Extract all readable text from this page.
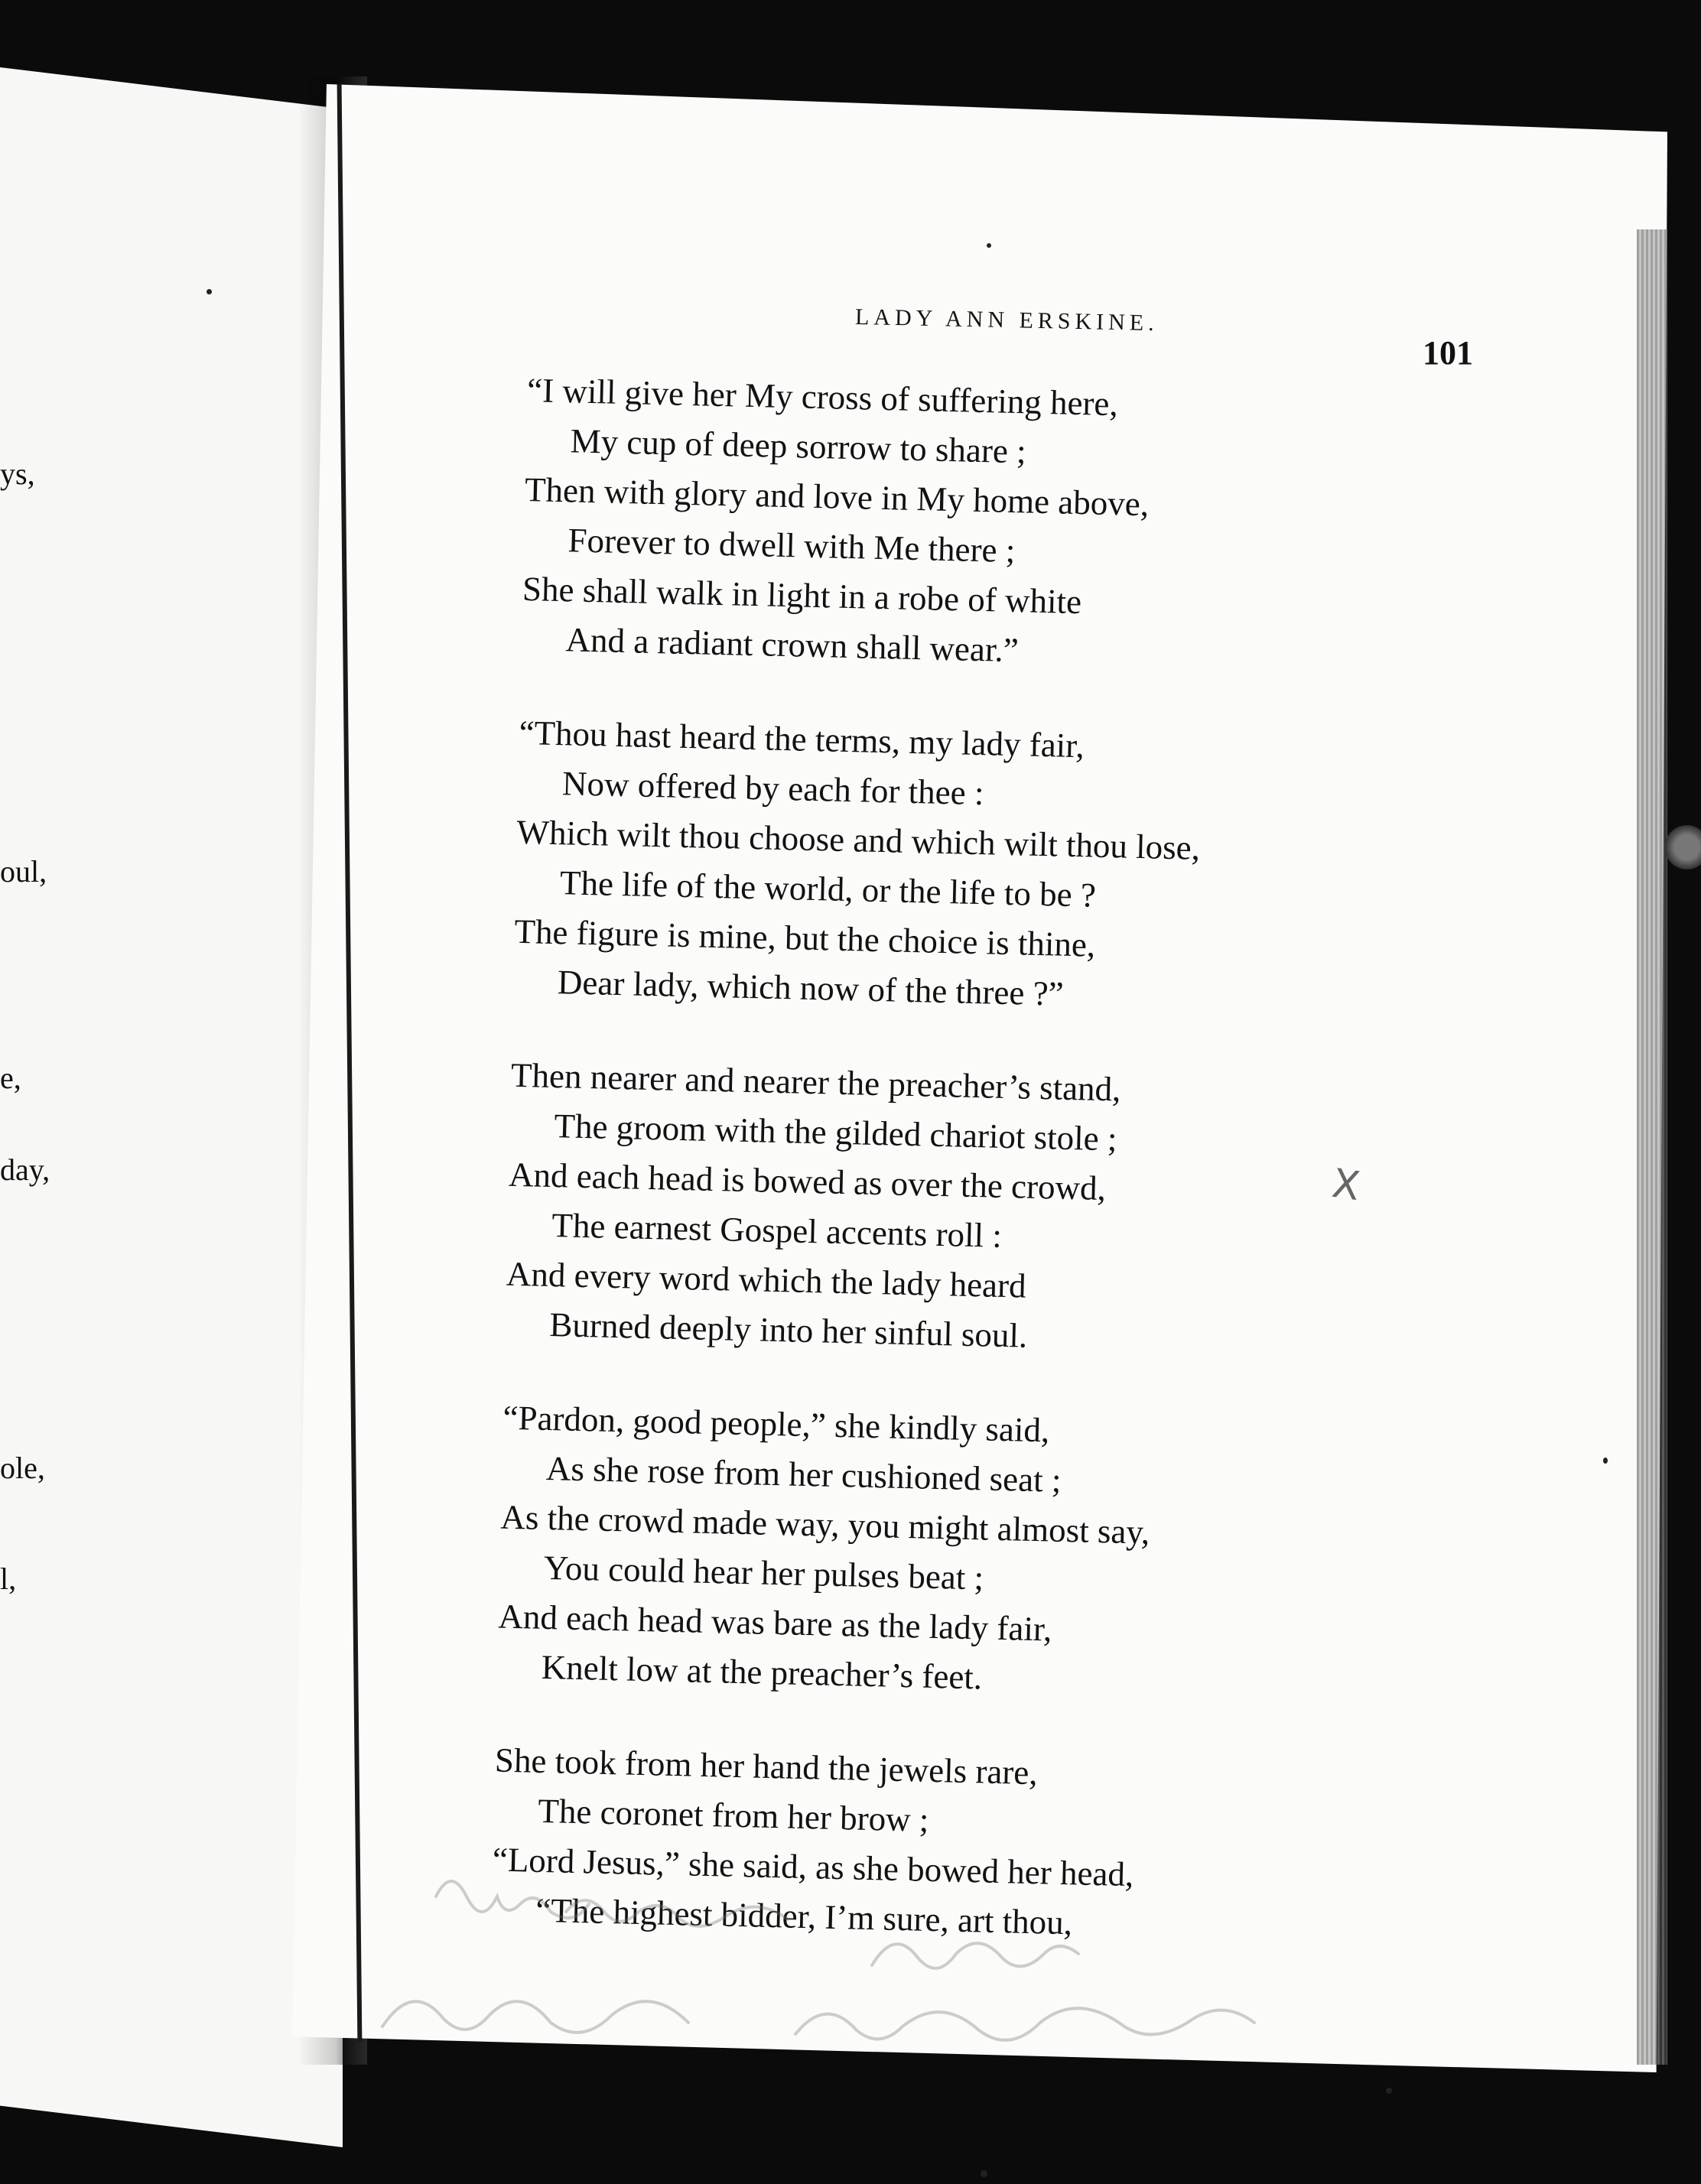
ys,
oul,
e,
day,
ole,
l,
LADY ANN ERSKINE.
101
“I will give her My cross of suffering here,
My cup of deep sorrow to share ;
Then with glory and love in My home above,
Forever to dwell with Me there ;
She shall walk in light in a robe of white
And a radiant crown shall wear.”
“Thou hast heard the terms, my lady fair,
Now offered by each for thee :
Which wilt thou choose and which wilt thou lose,
The life of the world, or the life to be ?
The figure is mine, but the choice is thine,
Dear lady, which now of the three ?”
Then nearer and nearer the preacher’s stand,
The groom with the gilded chariot stole ;
And each head is bowed as over the crowd,
The earnest Gospel accents roll :
And every word which the lady heard
Burned deeply into her sinful soul.
“Pardon, good people,” she kindly said,
As she rose from her cushioned seat ;
As the crowd made way, you might almost say,
You could hear her pulses beat ;
And each head was bare as the lady fair,
Knelt low at the preacher’s feet.
She took from her hand the jewels rare,
The coronet from her brow ;
“Lord Jesus,” she said, as she bowed her head,
“The highest bidder, I’m sure, art thou,
X
